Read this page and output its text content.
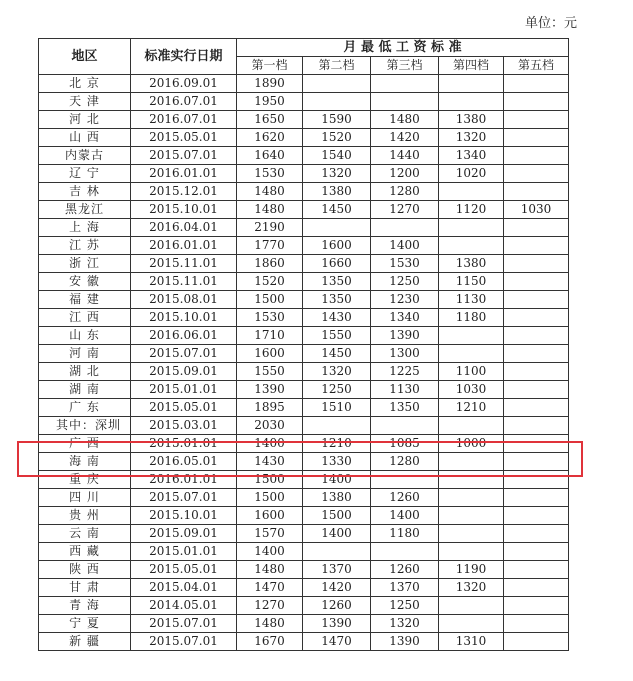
单位：元
地区	标准实行日期	月 最 低 工 资 标 准				
		第一档	第二档	第三档	第四档	第五档
北 京	2016.09.01	1890				
天 津	2016.07.01	1950				
河 北	2016.07.01	1650	1590	1480	1380	
山 西	2015.05.01	1620	1520	1420	1320	
内蒙古	2015.07.01	1640	1540	1440	1340	
辽 宁	2016.01.01	1530	1320	1200	1020	
吉 林	2015.12.01	1480	1380	1280		
黑龙江	2015.10.01	1480	1450	1270	1120	1030
上 海	2016.04.01	2190				
江 苏	2016.01.01	1770	1600	1400		
浙 江	2015.11.01	1860	1660	1530	1380	
安 徽	2015.11.01	1520	1350	1250	1150	
福 建	2015.08.01	1500	1350	1230	1130	
江 西	2015.10.01	1530	1430	1340	1180	
山 东	2016.06.01	1710	1550	1390		
河 南	2015.07.01	1600	1450	1300		
湖 北	2015.09.01	1550	1320	1225	1100	
湖 南	2015.01.01	1390	1250	1130	1030	
广 东	2015.05.01	1895	1510	1350	1210	
其中：深圳	2015.03.01	2030				
广 西	2015.01.01	1400	1210	1085	1000	
海 南	2016.05.01	1430	1330	1280		
重 庆	2016.01.01	1500	1400			
四 川	2015.07.01	1500	1380	1260		
贵 州	2015.10.01	1600	1500	1400		
云 南	2015.09.01	1570	1400	1180		
西 藏	2015.01.01	1400				
陕 西	2015.05.01	1480	1370	1260	1190	
甘 肃	2015.04.01	1470	1420	1370	1320	
青 海	2014.05.01	1270	1260	1250		
宁 夏	2015.07.01	1480	1390	1320		
新 疆	2015.07.01	1670	1470	1390	1310	
